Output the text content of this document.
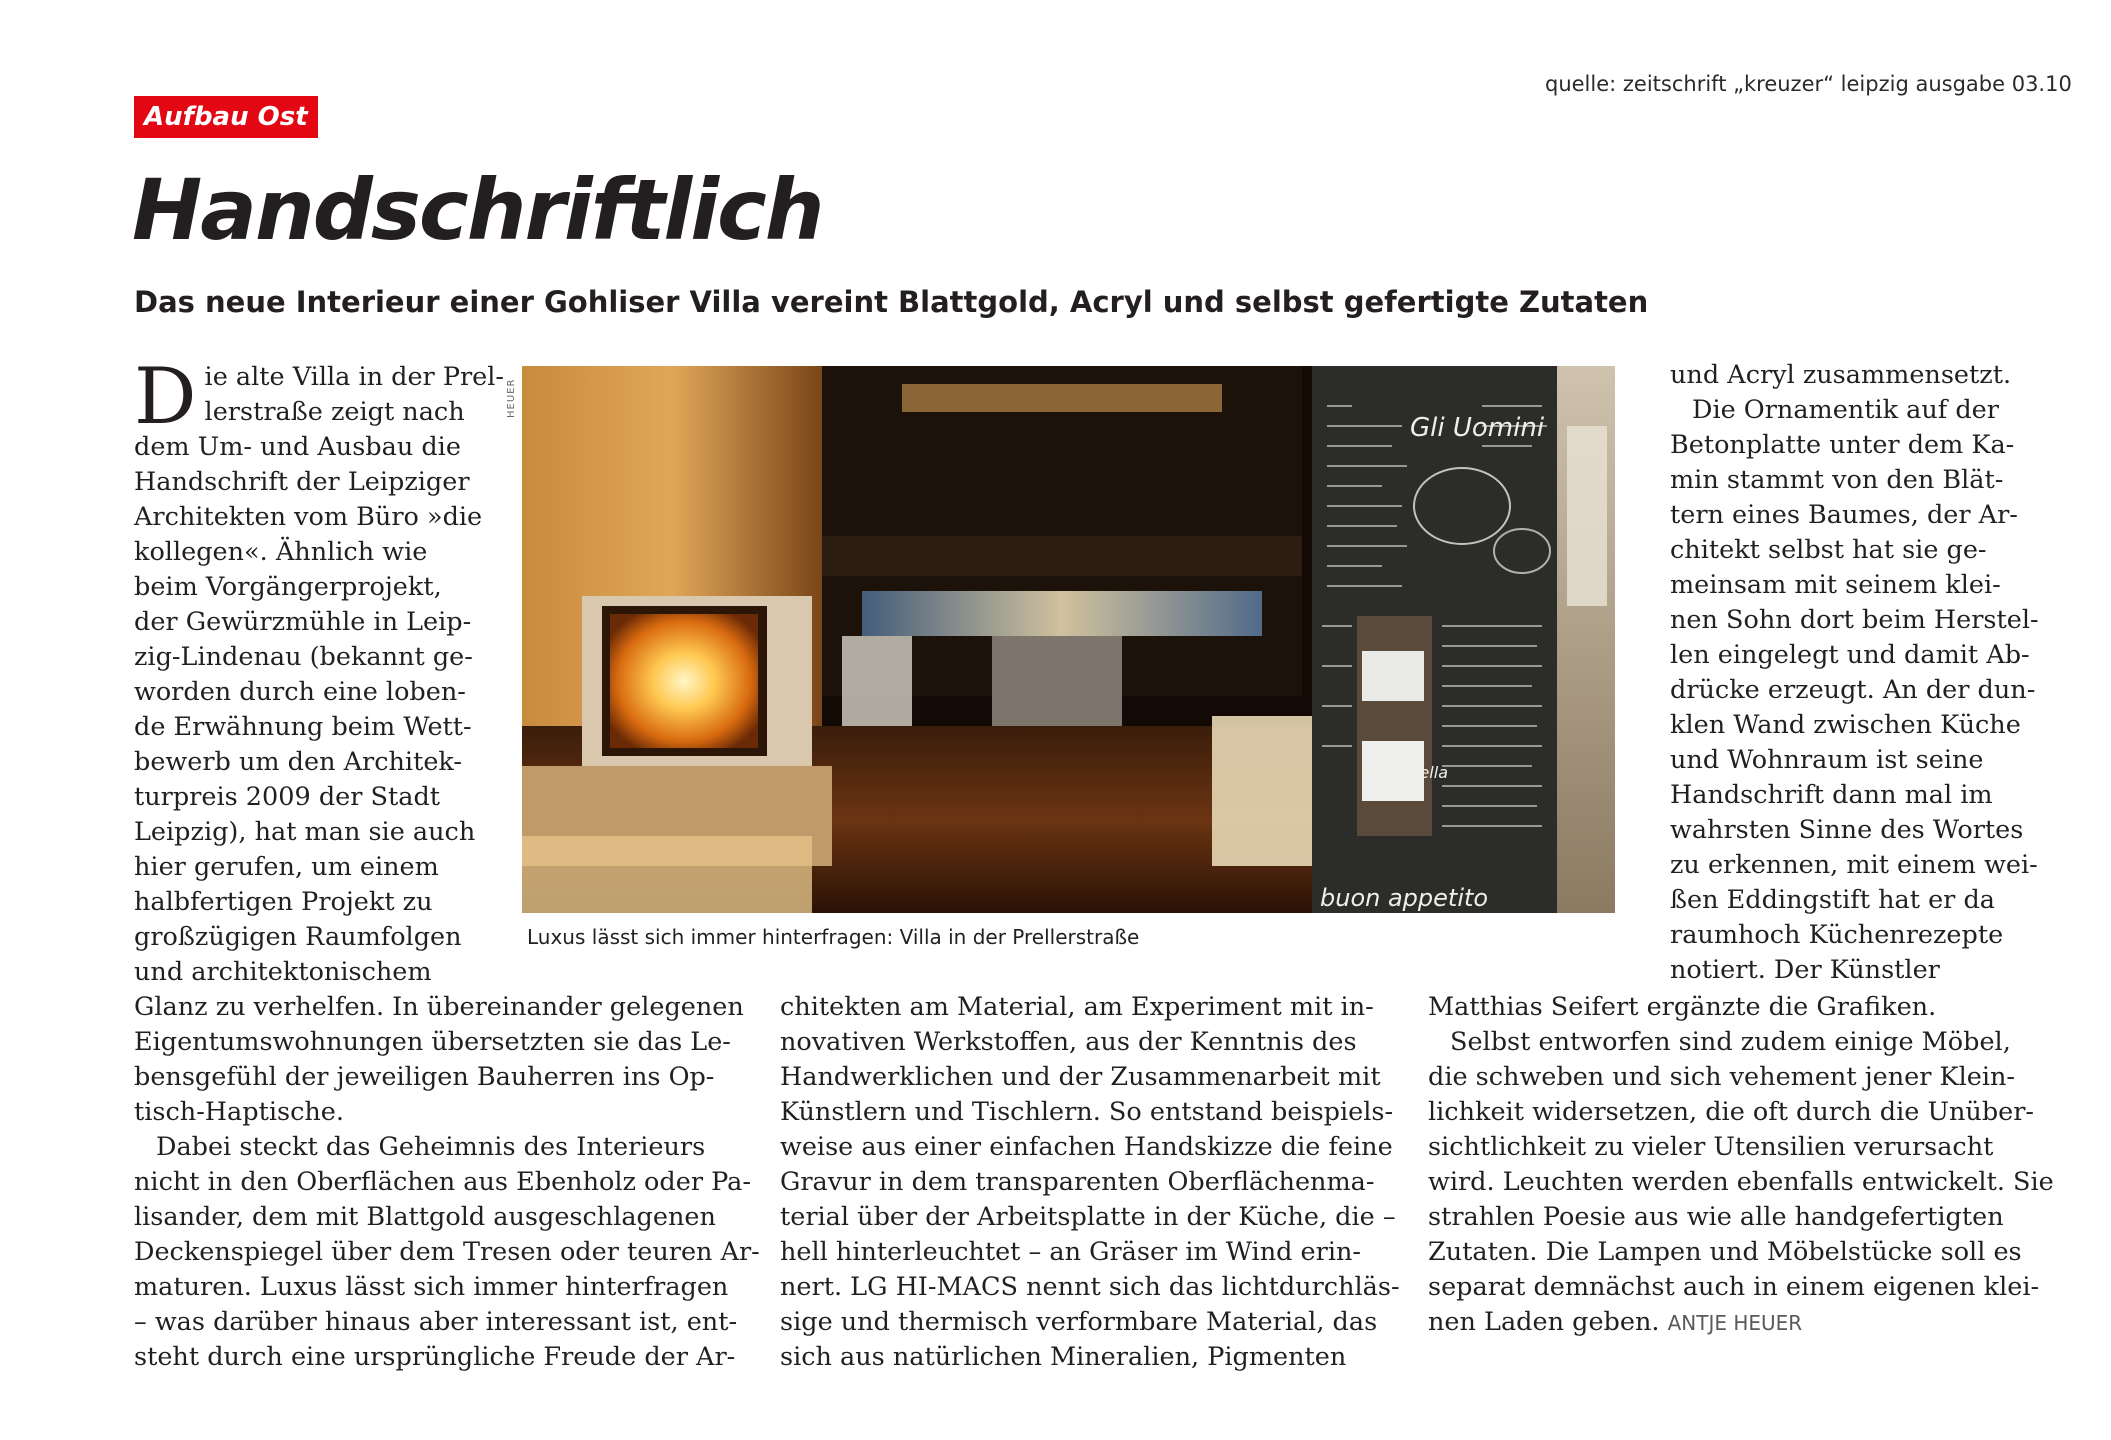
quelle: zeitschrift „kreuzer“ leipzig ausgabe 03.10
Aufbau Ost
Handschriftlich
Das neue Interieur einer Gohliser Villa vereint Blattgold, Acryl und selbst gefertigte Zutaten
D ie alte Villa in der Prel-
lerstraße zeigt nach
dem Um- und Ausbau die
Handschrift der Leipziger
Architekten vom Büro »die
kollegen«. Ähnlich wie
beim Vorgängerprojekt,
der Gewürzmühle in Leip-
zig-Lindenau (bekannt ge-
worden durch eine loben-
de Erwähnung beim Wett-
bewerb um den Architek-
turpreis 2009 der Stadt
Leipzig), hat man sie auch
hier gerufen, um einem
halbfertigen Projekt zu
großzügigen Raumfolgen
und architektonischem
Glanz zu verhelfen. In übereinander gelegenen
Eigentumswohnungen übersetzten sie das Le-
bensgefühl der jeweiligen Bauherren ins Op-
tisch-Haptische.
Dabei steckt das Geheimnis des Interieurs
nicht in den Oberflächen aus Ebenholz oder Pa-
lisander, dem mit Blattgold ausgeschlagenen
Deckenspiegel über dem Tresen oder teuren Ar-
maturen. Luxus lässt sich immer hinterfragen
– was darüber hinaus aber interessant ist, ent-
steht durch eine ursprüngliche Freude der Ar-
HEUER
Gli Uomini
la Passella
buon appetito
Luxus lässt sich immer hinterfragen: Villa in der Prellerstraße
chitekten am Material, am Experiment mit in-
novativen Werkstoffen, aus der Kenntnis des
Handwerklichen und der Zusammenarbeit mit
Künstlern und Tischlern. So entstand beispiels-
weise aus einer einfachen Handskizze die feine
Gravur in dem transparenten Oberflächenma-
terial über der Arbeitsplatte in der Küche, die –
hell hinterleuchtet – an Gräser im Wind erin-
nert. LG HI-MACS nennt sich das lichtdurchläs-
sige und thermisch verformbare Material, das
sich aus natürlichen Mineralien, Pigmenten
und Acryl zusammensetzt.
Die Ornamentik auf der
Betonplatte unter dem Ka-
min stammt von den Blät-
tern eines Baumes, der Ar-
chitekt selbst hat sie ge-
meinsam mit seinem klei-
nen Sohn dort beim Herstel-
len eingelegt und damit Ab-
drücke erzeugt. An der dun-
klen Wand zwischen Küche
und Wohnraum ist seine
Handschrift dann mal im
wahrsten Sinne des Wortes
zu erkennen, mit einem wei-
ßen Eddingstift hat er da
raumhoch Küchenrezepte
notiert. Der Künstler
Matthias Seifert ergänzte die Grafiken.
Selbst entworfen sind zudem einige Möbel,
die schweben und sich vehement jener Klein-
lichkeit widersetzen, die oft durch die Unüber-
sichtlichkeit zu vieler Utensilien verursacht
wird. Leuchten werden ebenfalls entwickelt. Sie
strahlen Poesie aus wie alle handgefertigten
Zutaten. Die Lampen und Möbelstücke soll es
separat demnächst auch in einem eigenen klei-
nen Laden geben. ANTJE HEUER
